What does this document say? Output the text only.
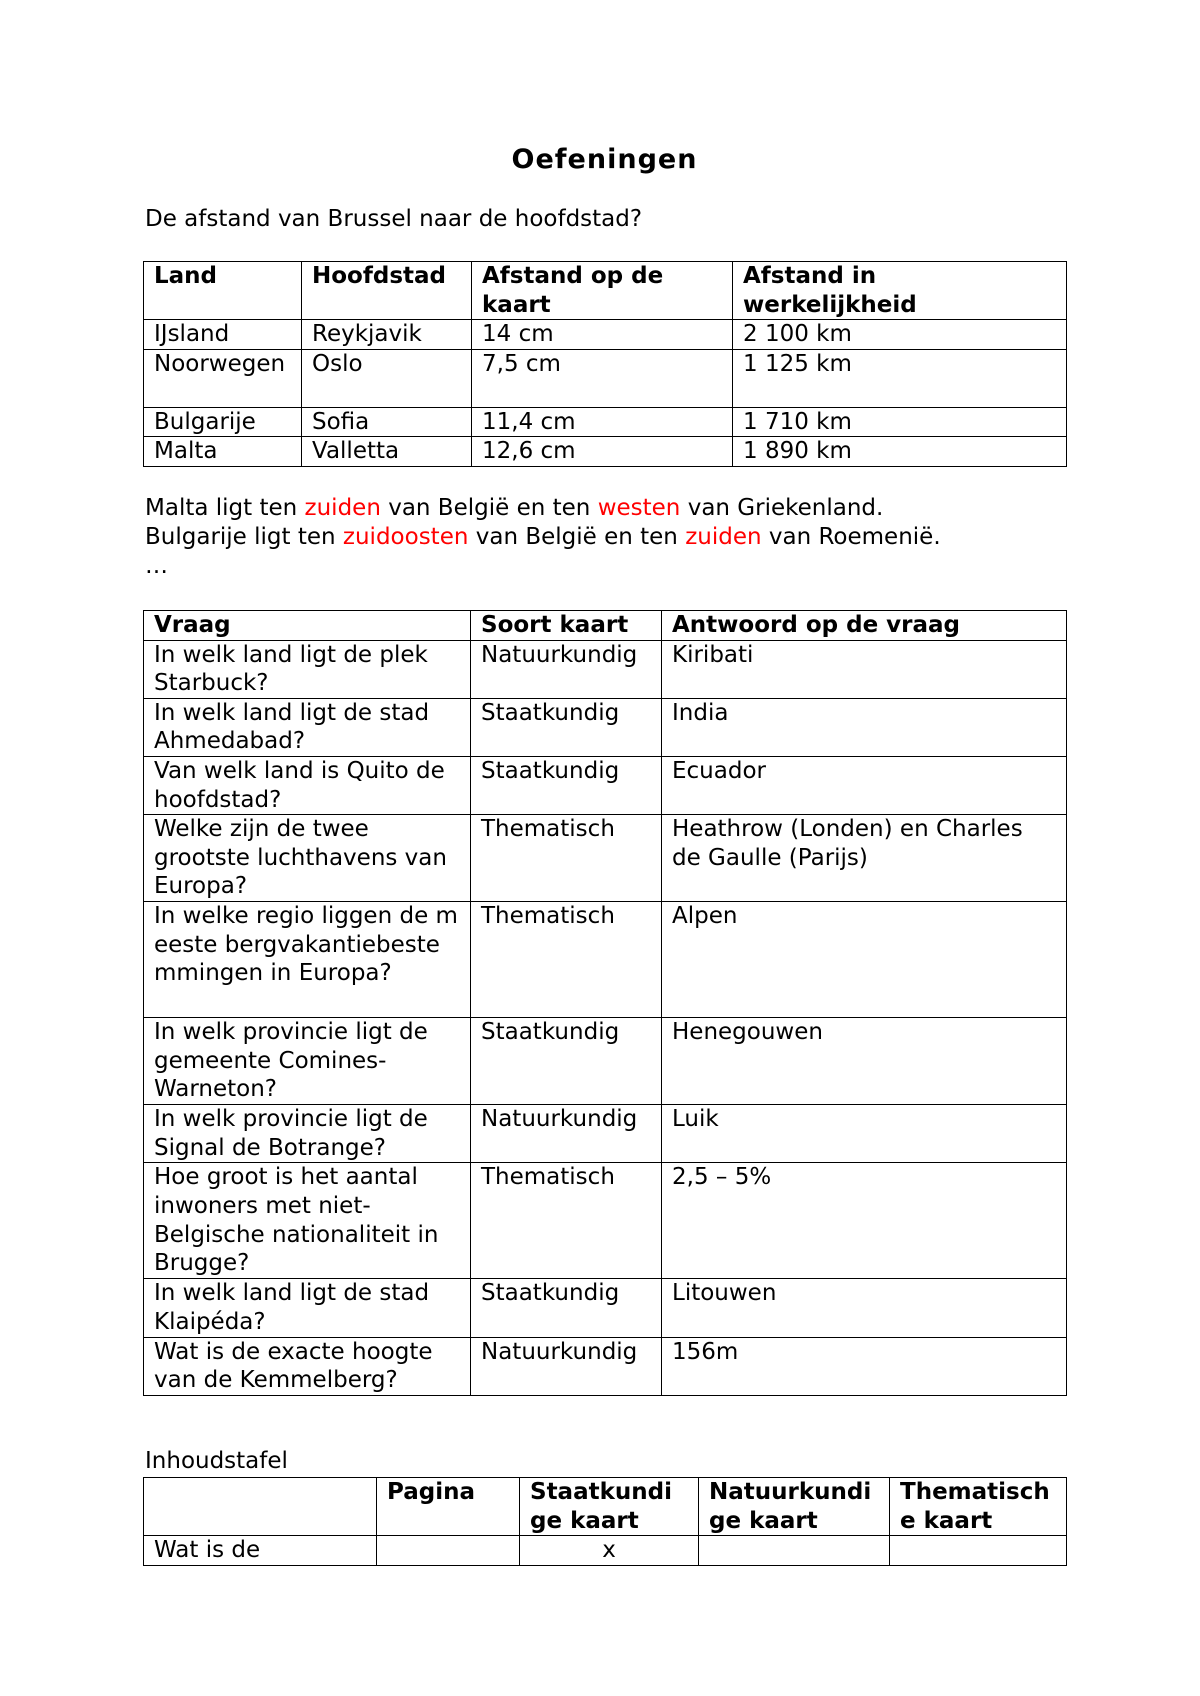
Oefeningen
De afstand van Brussel naar de hoofdstad?
Land	Hoofdstad	Afstand op de kaart	Afstand in werkelijkheid
IJsland	Reykjavik	14 cm	2 100 km
Noorwegen	Oslo	7,5 cm	1 125 km
Bulgarije	Sofia	11,4 cm	1 710 km
Malta	Valletta	12,6 cm	1 890 km
Malta ligt ten zuiden van België en ten westen van Griekenland.
Bulgarije ligt ten zuidoosten van België en ten zuiden van Roemenië.
…
Vraag	Soort kaart	Antwoord op de vraag
In welk land ligt de plek Starbuck?	Natuurkundig	Kiribati
In welk land ligt de stad Ahmedabad?	Staatkundig	India
Van welk land is Quito de hoofdstad?	Staatkundig	Ecuador
Welke zijn de twee grootste luchthavens van Europa?	Thematisch	Heathrow (Londen) en Charles de Gaulle (Parijs)
In welke regio liggen de meeste bergvakantiebestemmingen in Europa?	Thematisch	Alpen
In welk provincie ligt de gemeente Comines-Warneton?	Staatkundig	Henegouwen
In welk provincie ligt de Signal de Botrange?	Natuurkundig	Luik
Hoe groot is het aantal inwoners met niet-Belgische nationaliteit in Brugge?	Thematisch	2,5 – 5%
In welk land ligt de stad Klaipéda?	Staatkundig	Litouwen
Wat is de exacte hoogte van de Kemmelberg?	Natuurkundig	156m
Inhoudstafel
	Pagina	Staatkundige kaart	Natuurkundige kaart	Thematische kaart
Wat is de		x		
